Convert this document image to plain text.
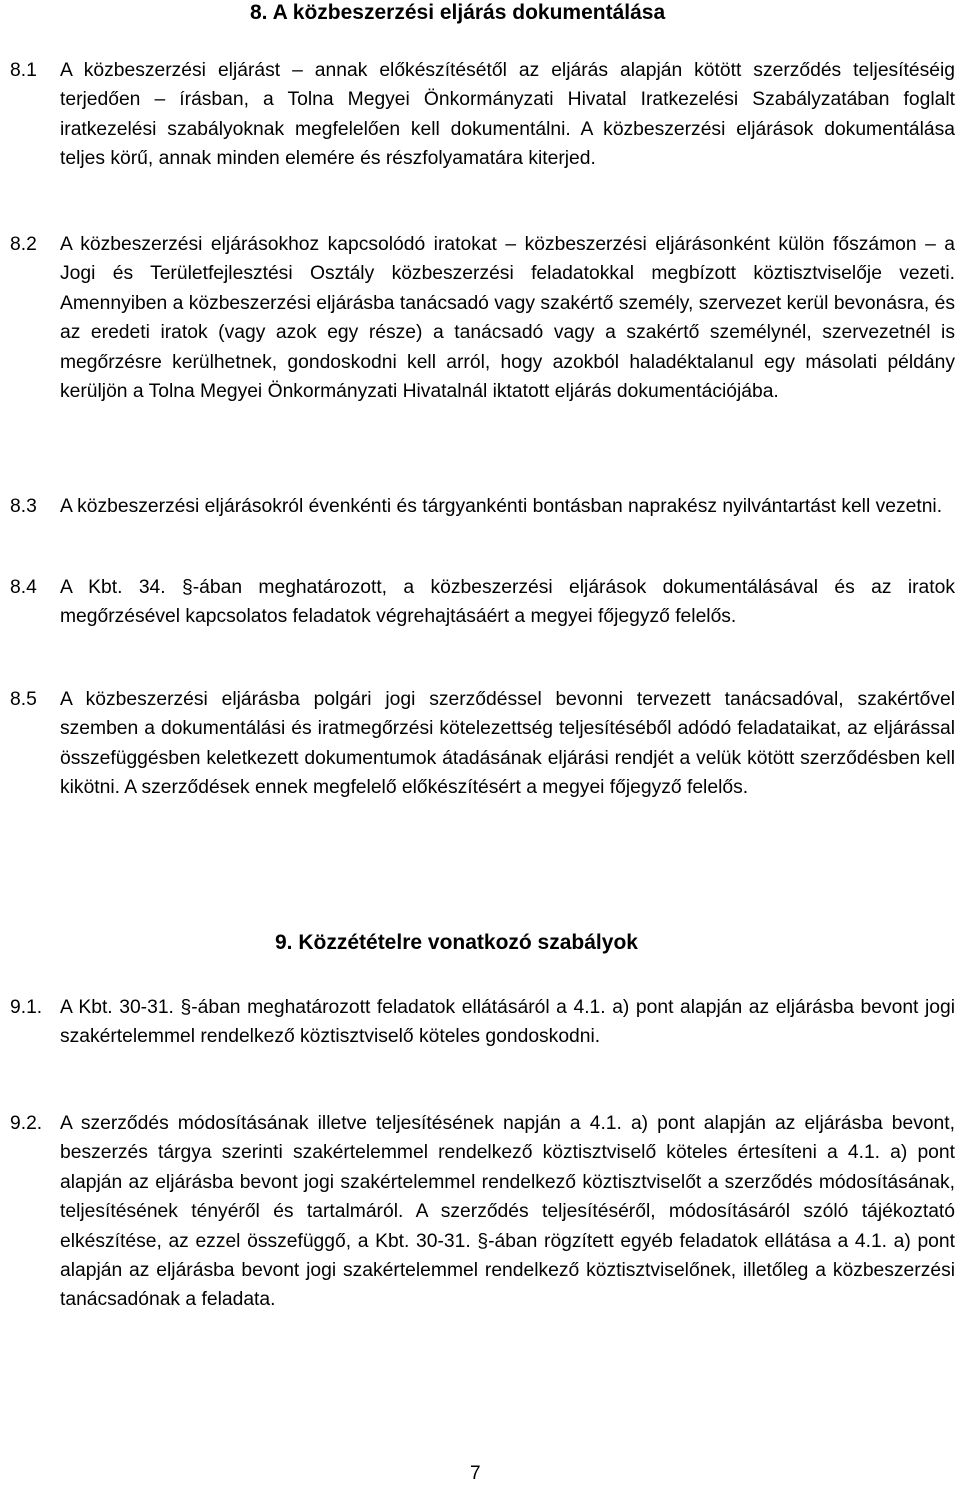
8. A közbeszerzési eljárás dokumentálása
8.1	A közbeszerzési eljárást – annak előkészítésétől az eljárás alapján kötött szerződés teljesítéséig terjedően – írásban, a Tolna Megyei Önkormányzati Hivatal Iratkezelési Szabályzatában foglalt iratkezelési szabályoknak megfelelően kell dokumentálni. A közbeszerzési eljárások dokumentálása teljes körű, annak minden elemére és részfolyamatára kiterjed.
8.2	A közbeszerzési eljárásokhoz kapcsolódó iratokat – közbeszerzési eljárásonként külön főszámon – a Jogi és Területfejlesztési Osztály közbeszerzési feladatokkal megbízott köztisztviselője vezeti. Amennyiben a közbeszerzési eljárásba tanácsadó vagy szakértő személy, szervezet kerül bevonásra, és az eredeti iratok (vagy azok egy része) a tanácsadó vagy a szakértő személynél, szervezetnél is megőrzésre kerülhetnek, gondoskodni kell arról, hogy azokból haladéktalanul egy másolati példány kerüljön a Tolna Megyei Önkormányzati Hivatalnál iktatott eljárás dokumentációjába.
8.3	A közbeszerzési eljárásokról évenkénti és tárgyankénti bontásban naprakész nyilvántartást kell vezetni.
8.4	A Kbt. 34. §-ában meghatározott, a közbeszerzési eljárások dokumentálásával és az iratok megőrzésével kapcsolatos feladatok végrehajtásáért a megyei főjegyző felelős.
8.5	A közbeszerzési eljárásba polgári jogi szerződéssel bevonni tervezett tanácsadóval, szakértővel szemben a dokumentálási és iratmegőrzési kötelezettség teljesítéséből adódó feladataikat, az eljárással összefüggésben keletkezett dokumentumok átadásának eljárási rendjét a velük kötött szerződésben kell kikötni. A szerződések ennek megfelelő előkészítésért a megyei főjegyző felelős.
9. Közzétételre vonatkozó szabályok
9.1. A Kbt. 30-31. §-ában meghatározott feladatok ellátásáról a 4.1. a) pont alapján az eljárásba bevont jogi szakértelemmel rendelkező köztisztviselő köteles gondoskodni.
9.2. A szerződés módosításának illetve teljesítésének napján a 4.1. a) pont alapján az eljárásba bevont, beszerzés tárgya szerinti szakértelemmel rendelkező köztisztviselő köteles értesíteni a 4.1. a) pont alapján az eljárásba bevont jogi szakértelemmel rendelkező köztisztviselőt a szerződés módosításának, teljesítésének tényéről és tartalmáról. A szerződés teljesítéséről, módosításáról szóló tájékoztató elkészítése, az ezzel összefüggő, a Kbt. 30-31. §-ában rögzített egyéb feladatok ellátása a 4.1. a) pont alapján az eljárásba bevont jogi szakértelemmel rendelkező köztisztviselőnek, illetőleg a közbeszerzési tanácsadónak a feladata.
7
